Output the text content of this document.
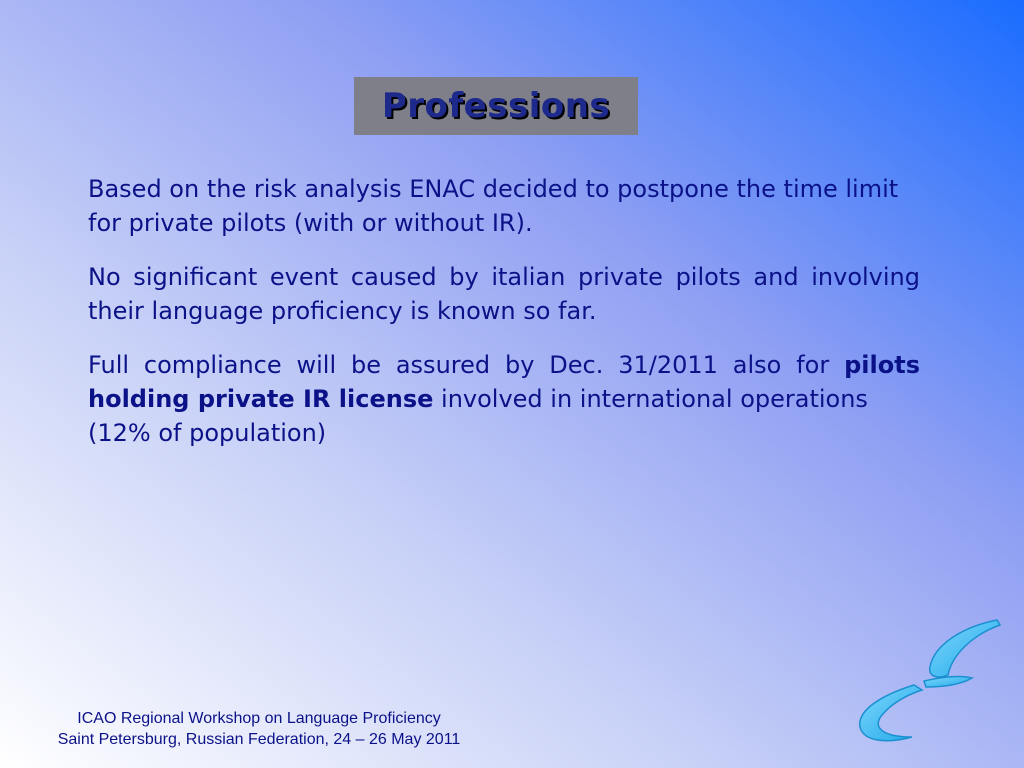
Professions

Based on the risk analysis ENAC decided to postpone the time limit for private pilots (with or without IR).

No significant event caused by italian private pilots and involving their language proficiency is known so far.

Full compliance will be assured by Dec. 31/2011 also for pilots holding private IR license involved in international operations
(12% of population)

ICAO Regional Workshop on Language Proficiency
Saint Petersburg, Russian Federation, 24 – 26 May 2011
